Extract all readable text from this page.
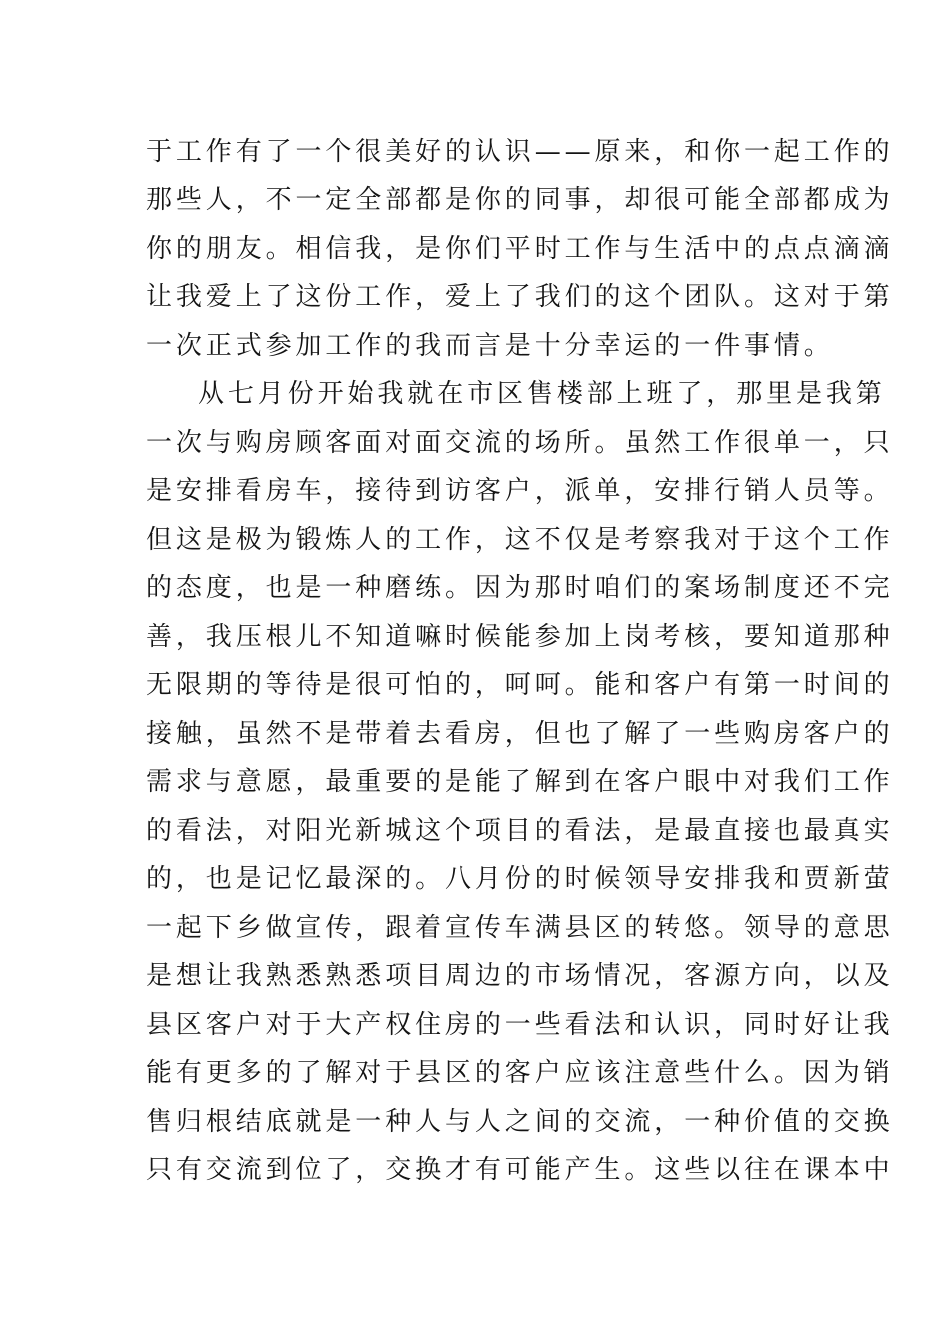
于工作有了一个很美好的认识——原来，和你一起工作的
那些人，不一定全部都是你的同事，却很可能全部都成为
你的朋友。相信我，是你们平时工作与生活中的点点滴滴
让我爱上了这份工作，爱上了我们的这个团队。这对于第
一次正式参加工作的我而言是十分幸运的一件事情。
从七月份开始我就在市区售楼部上班了，那里是我第
一次与购房顾客面对面交流的场所。虽然工作很单一，只
是安排看房车，接待到访客户，派单，安排行销人员等。
但这是极为锻炼人的工作，这不仅是考察我对于这个工作
的态度，也是一种磨练。因为那时咱们的案场制度还不完
善，我压根儿不知道嘛时候能参加上岗考核，要知道那种
无限期的等待是很可怕的，呵呵。能和客户有第一时间的
接触，虽然不是带着去看房，但也了解了一些购房客户的
需求与意愿，最重要的是能了解到在客户眼中对我们工作
的看法，对阳光新城这个项目的看法，是最直接也最真实
的，也是记忆最深的。八月份的时候领导安排我和贾新萤
一起下乡做宣传，跟着宣传车满县区的转悠。领导的意思
是想让我熟悉熟悉项目周边的市场情况，客源方向，以及
县区客户对于大产权住房的一些看法和认识，同时好让我
能有更多的了解对于县区的客户应该注意些什么。因为销
售归根结底就是一种人与人之间的交流，一种价值的交换
只有交流到位了，交换才有可能产生。这些以往在课本中
